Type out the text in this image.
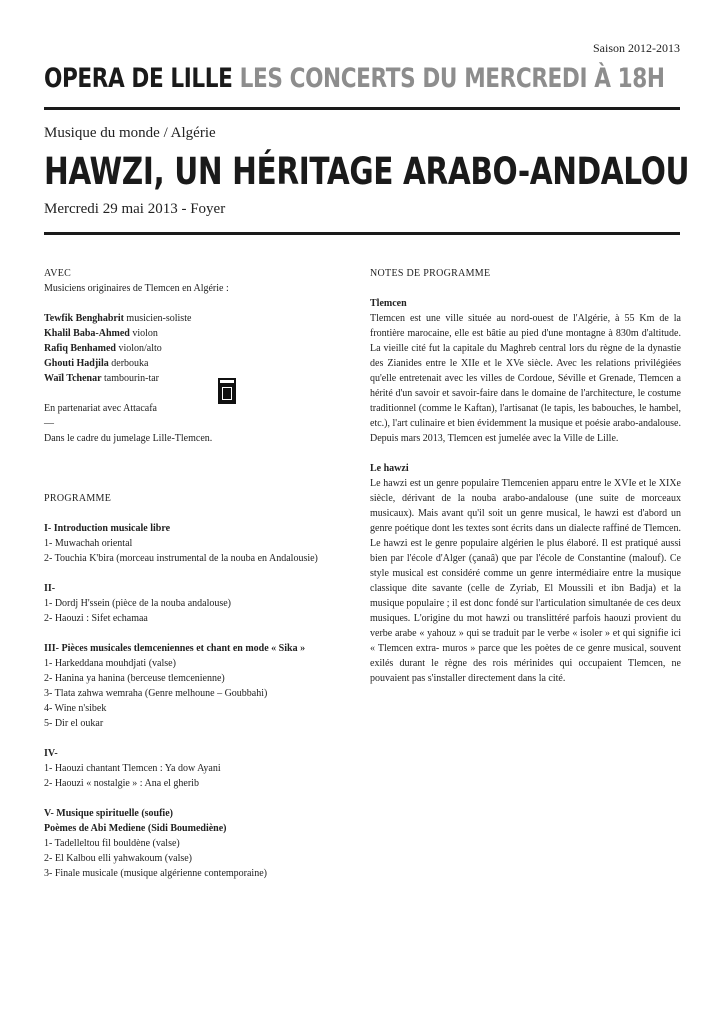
Saison 2012-2013
OPERA DE LILLE LES CONCERTS DU MERCREDI À 18H
Musique du monde / Algérie
HAWZI, UN HÉRITAGE ARABO-ANDALOU
Mercredi 29 mai 2013 - Foyer
AVEC
Musiciens originaires de Tlemcen en Algérie :
Tewfik Benghabrit musicien-soliste
Khalil Baba-Ahmed violon
Rafiq Benhamed violon/alto
Ghouti Hadjila derbouka
Waïl Tchenar tambourin-tar
En partenariat avec Attacafa
—
Dans le cadre du jumelage Lille-Tlemcen.
PROGRAMME
I- Introduction musicale libre
1- Muwachah oriental
2- Touchia K'bira (morceau instrumental de la nouba en Andalousie)
II-
1- Dordj H'ssein (pièce de la nouba andalouse)
2- Haouzi : Sifet echamaa
III- Pièces musicales tlemceniennes et chant en mode « Sika »
1- Harkeddana mouhdjati (valse)
2- Hanina ya hanina (berceuse tlemcenienne)
3- Tlata zahwa wemraha (Genre melhoune – Goubbahi)
4- Wine n'sibek
5- Dir el oukar
IV-
1- Haouzi chantant Tlemcen : Ya dow Ayani
2- Haouzi « nostalgie » : Ana el gherib
V- Musique spirituelle (soufie)
Poèmes de Abi Mediene (Sidi Boumediène)
1- Tadelleltou fil bouldène (valse)
2- El Kalbou elli yahwakoum (valse)
3- Finale musicale (musique algérienne contemporaine)
NOTES DE PROGRAMME
Tlemcen
Tlemcen est une ville située au nord-ouest de l'Algérie, à 55 Km de la frontière marocaine, elle est bâtie au pied d'une montagne à 830m d'altitude. La vieille cité fut la capitale du Maghreb central lors du règne de la dynastie des Zianides entre le XIIe et le XVe siècle. Avec les relations privilégiées qu'elle entretenait avec les villes de Cordoue, Séville et Grenade, Tlemcen a hérité d'un savoir et savoir-faire dans le domaine de l'architecture, le costume traditionnel (comme le Kaftan), l'artisanat (le tapis, les babouches, le hambel, etc.), l'art culinaire et bien évidemment la musique et poésie arabo-andalouse. Depuis mars 2013, Tlemcen est jumelée avec la Ville de Lille.
Le hawzi
Le hawzi est un genre populaire Tlemcenien apparu entre le XVIe et le XIXe siècle, dérivant de la nouba arabo-andalouse (une suite de morceaux musicaux). Mais avant qu'il soit un genre musical, le hawzi est d'abord un genre poétique dont les textes sont écrits dans un dialecte raffiné de Tlemcen. Le hawzi est le genre populaire algérien le plus élaboré. Il est pratiqué aussi bien par l'école d'Alger (çanaâ) que par l'école de Constantine (malouf). Ce style musical est considéré comme un genre intermédiaire entre la musique classique dite savante (celle de Zyriab, El Moussili et ibn Badja) et la musique populaire ; il est donc fondé sur l'articulation simultanée de ces deux musiques. L'origine du mot hawzi ou translittéré parfois haouzi provient du verbe arabe « yahouz » qui se traduit par le verbe « isoler » et qui signifie ici « Tlemcen extra- muros » parce que les poètes de ce genre musical, souvent exilés durant le règne des rois mérinides qui occupaient Tlemcen, ne pouvaient pas s'installer directement dans la cité.
